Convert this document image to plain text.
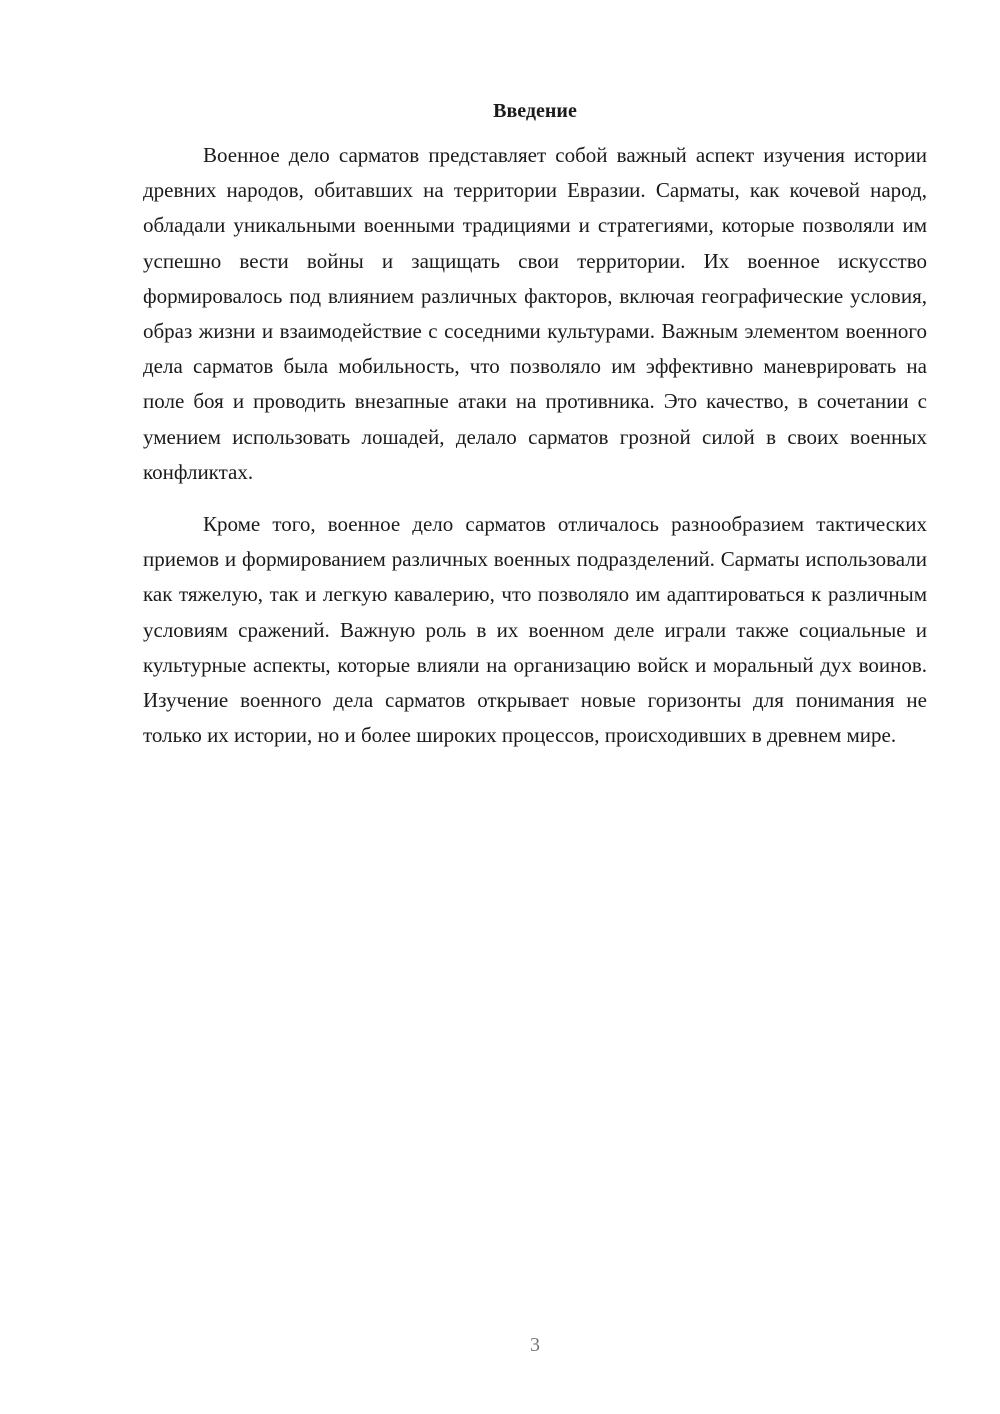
Введение

Военное дело сарматов представляет собой важный аспект изучения истории древних народов, обитавших на территории Евразии. Сарматы, как кочевой народ, обладали уникальными военными традициями и стратегиями, которые позволяли им успешно вести войны и защищать свои территории. Их военное искусство формировалось под влиянием различных факторов, включая географические условия, образ жизни и взаимодействие с соседними культурами. Важным элементом военного дела сарматов была мобильность, что позволяло им эффективно маневрировать на поле боя и проводить внезапные атаки на противника. Это качество, в сочетании с умением использовать лошадей, делало сарматов грозной силой в своих военных конфликтах.

Кроме того, военное дело сарматов отличалось разнообразием тактических приемов и формированием различных военных подразделений. Сарматы использовали как тяжелую, так и легкую кавалерию, что позволяло им адаптироваться к различным условиям сражений. Важную роль в их военном деле играли также социальные и культурные аспекты, которые влияли на организацию войск и моральный дух воинов. Изучение военного дела сарматов открывает новые горизонты для понимания не только их истории, но и более широких процессов, происходивших в древнем мире.

3
